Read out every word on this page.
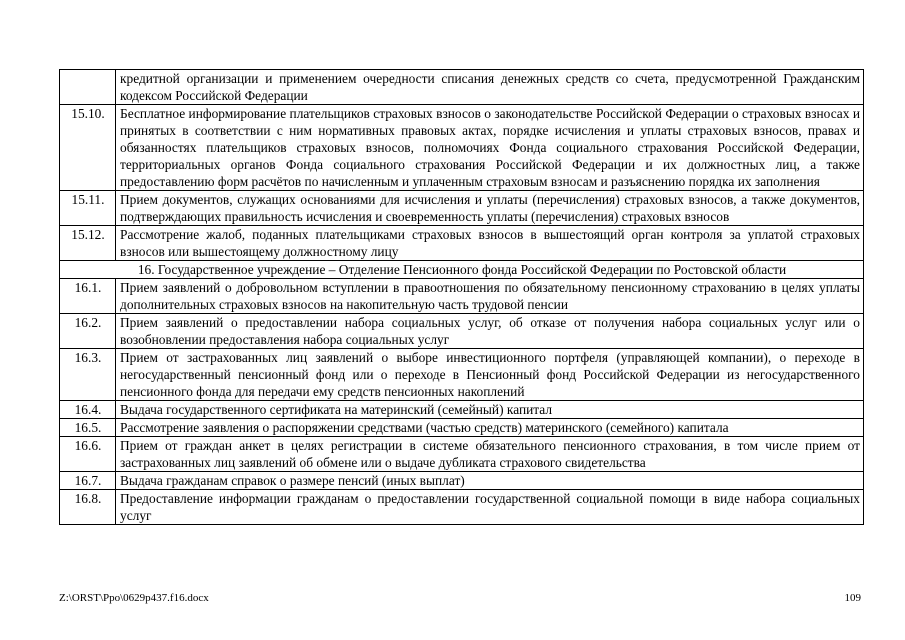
	кредитной организации и применением очередности списания денежных средств со счета, предусмотренной Гражданским кодексом Российской Федерации
15.10.	Бесплатное информирование плательщиков страховых взносов о законодательстве Российской Федерации о страховых взносах и принятых в соответствии с ним нормативных правовых актах, порядке исчисления и уплаты страховых взносов, правах и обязанностях плательщиков страховых взносов, полномочиях Фонда социального страхования Российской Федерации, территориальных органов Фонда социального страхования Российской Федерации и их должностных лиц, а также предоставлению форм расчётов по начисленным и уплаченным страховым взносам и разъяснению порядка их заполнения
15.11.	Прием документов, служащих основаниями для исчисления и уплаты (перечисления) страховых взносов, а также документов, подтверждающих правильность исчисления и своевременность уплаты (перечисления) страховых взносов
15.12.	Рассмотрение жалоб, поданных плательщиками страховых взносов в вышестоящий орган контроля за уплатой страховых взносов или вышестоящему должностному лицу
16. Государственное учреждение – Отделение Пенсионного фонда Российской Федерации по Ростовской области	
16.1.	Прием заявлений о добровольном вступлении в правоотношения по обязательному пенсионному страхованию в целях уплаты дополнительных страховых взносов на накопительную часть трудовой пенсии
16.2.	Прием заявлений о предоставлении набора социальных услуг, об отказе от получения набора социальных услуг или о возобновлении предоставления набора социальных услуг
16.3.	Прием от застрахованных лиц заявлений о выборе инвестиционного портфеля (управляющей компании), о переходе в негосударственный пенсионный фонд или о переходе в Пенсионный фонд Российской Федерации из негосударственного пенсионного фонда для передачи ему средств пенсионных накоплений
16.4.	Выдача государственного сертификата на материнский (семейный) капитал
16.5.	Рассмотрение заявления о распоряжении средствами (частью средств) материнского (семейного) капитала
16.6.	Прием от граждан анкет в целях регистрации в системе обязательного пенсионного страхования, в том числе прием от застрахованных лиц заявлений об обмене или о выдаче дубликата страхового свидетельства
16.7.	Выдача гражданам справок о размере пенсий (иных выплат)
16.8.	Предоставление информации гражданам о предоставлении государственной социальной помощи в виде набора социальных услуг
Z:\ORST\Ppo\0629p437.f16.docx	109
